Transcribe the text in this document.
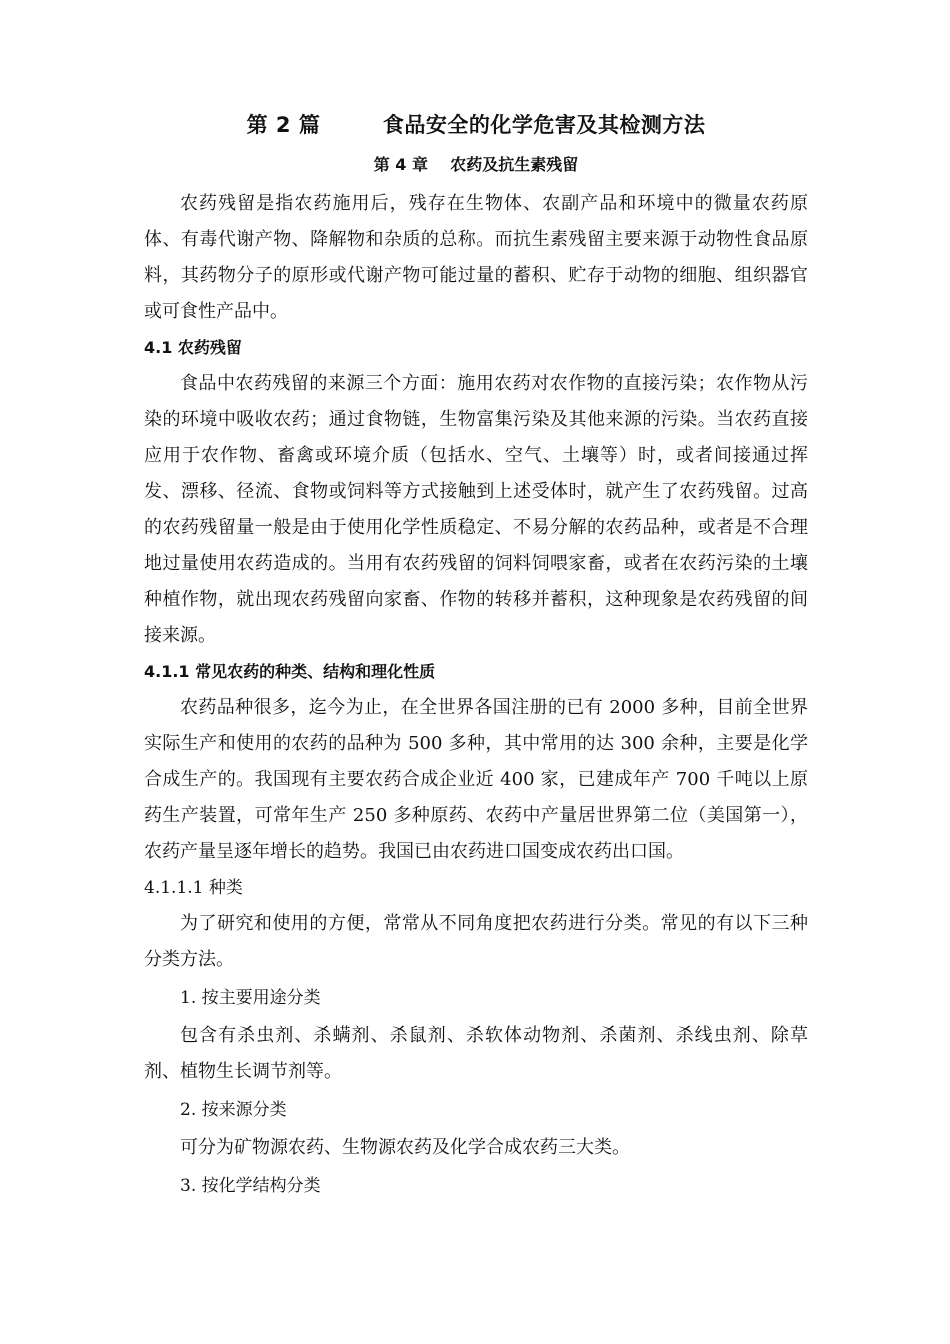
第 2 篇        食品安全的化学危害及其检测方法
第 4 章    农药及抗生素残留

农药残留是指农药施用后，残存在生物体、农副产品和环境中的微量农药原体、有毒代谢产物、降解物和杂质的总称。而抗生素残留主要来源于动物性食品原料，其药物分子的原形或代谢产物可能过量的蓄积、贮存于动物的细胞、组织器官或可食性产品中。

4.1 农药残留

食品中农药残留的来源三个方面：施用农药对农作物的直接污染；农作物从污染的环境中吸收农药；通过食物链，生物富集污染及其他来源的污染。当农药直接应用于农作物、畜禽或环境介质（包括水、空气、土壤等）时，或者间接通过挥发、漂移、径流、食物或饲料等方式接触到上述受体时，就产生了农药残留。过高的农药残留量一般是由于使用化学性质稳定、不易分解的农药品种，或者是不合理地过量使用农药造成的。当用有农药残留的饲料饲喂家畜，或者在农药污染的土壤种植作物，就出现农药残留向家畜、作物的转移并蓄积，这种现象是农药残留的间接来源。

4.1.1 常见农药的种类、结构和理化性质

农药品种很多，迄今为止，在全世界各国注册的已有 2000 多种，目前全世界实际生产和使用的农药的品种为 500 多种，其中常用的达 300 余种，主要是化学合成生产的。我国现有主要农药合成企业近 400 家，已建成年产 700 千吨以上原药生产装置，可常年生产 250 多种原药、农药中产量居世界第二位（美国第一），农药产量呈逐年增长的趋势。我国已由农药进口国变成农药出口国。

4.1.1.1 种类

为了研究和使用的方便，常常从不同角度把农药进行分类。常见的有以下三种分类方法。

1. 按主要用途分类

包含有杀虫剂、杀螨剂、杀鼠剂、杀软体动物剂、杀菌剂、杀线虫剂、除草剂、植物生长调节剂等。

2. 按来源分类

可分为矿物源农药、生物源农药及化学合成农药三大类。

3. 按化学结构分类
